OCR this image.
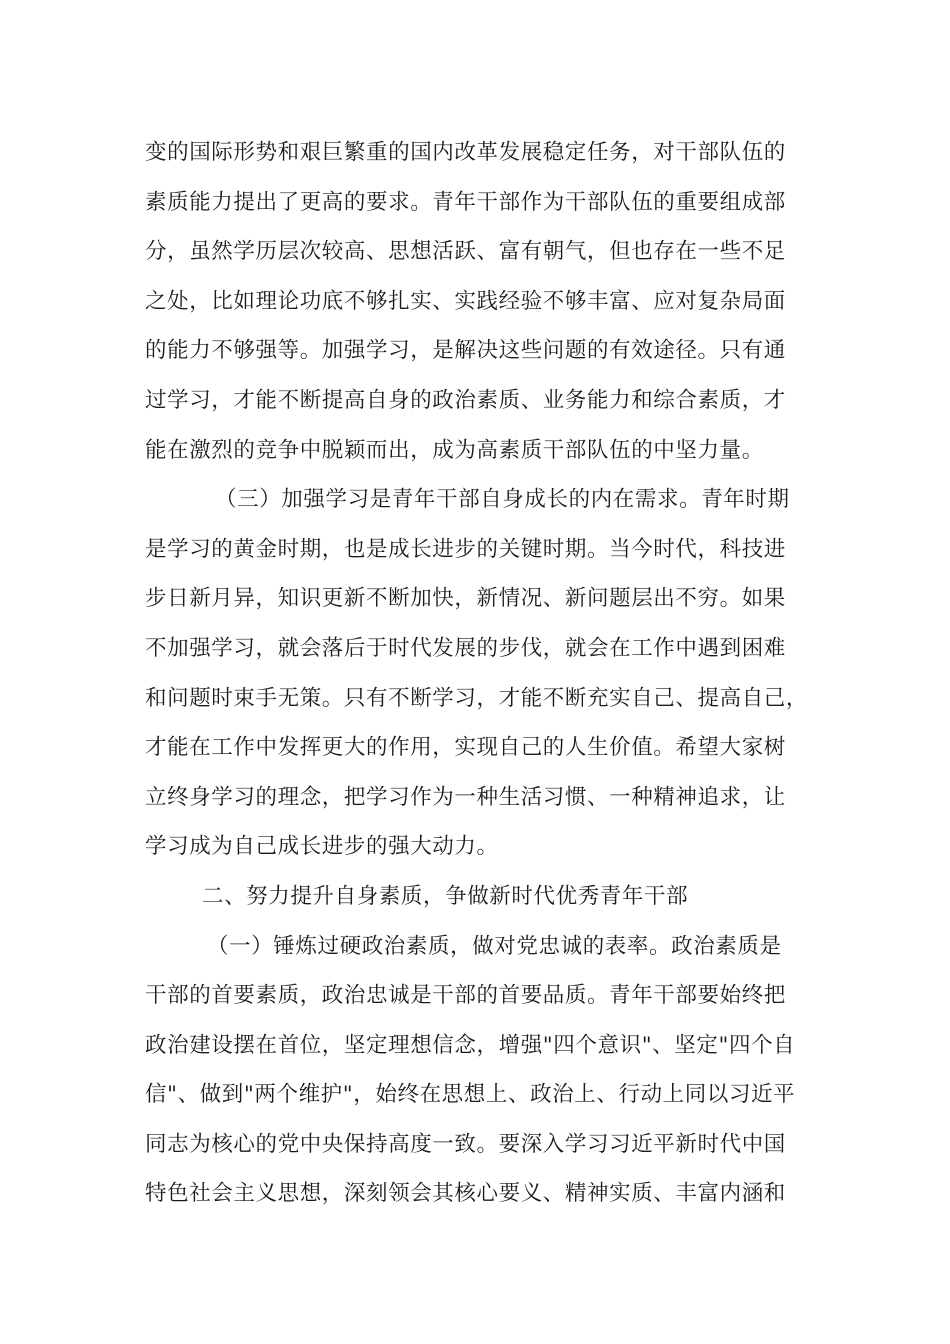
变的国际形势和艰巨繁重的国内改革发展稳定任务，对干部队伍的
素质能力提出了更高的要求。青年干部作为干部队伍的重要组成部
分，虽然学历层次较高、思想活跃、富有朝气，但也存在一些不足
之处，比如理论功底不够扎实、实践经验不够丰富、应对复杂局面
的能力不够强等。加强学习，是解决这些问题的有效途径。只有通
过学习，才能不断提高自身的政治素质、业务能力和综合素质，才
能在激烈的竞争中脱颖而出，成为高素质干部队伍的中坚力量。

（三）加强学习是青年干部自身成长的内在需求。青年时期
是学习的黄金时期，也是成长进步的关键时期。当今时代，科技进
步日新月异，知识更新不断加快，新情况、新问题层出不穷。如果
不加强学习，就会落后于时代发展的步伐，就会在工作中遇到困难
和问题时束手无策。只有不断学习，才能不断充实自己、提高自己，
才能在工作中发挥更大的作用，实现自己的人生价值。希望大家树
立终身学习的理念，把学习作为一种生活习惯、一种精神追求，让
学习成为自己成长进步的强大动力。

二、努力提升自身素质，争做新时代优秀青年干部

（一）锤炼过硬政治素质，做对党忠诚的表率。政治素质是
干部的首要素质，政治忠诚是干部的首要品质。青年干部要始终把
政治建设摆在首位，坚定理想信念，增强"四个意识"、坚定"四个自
信"、做到"两个维护"，始终在思想上、政治上、行动上同以习近平
同志为核心的党中央保持高度一致。要深入学习习近平新时代中国
特色社会主义思想，深刻领会其核心要义、精神实质、丰富内涵和
